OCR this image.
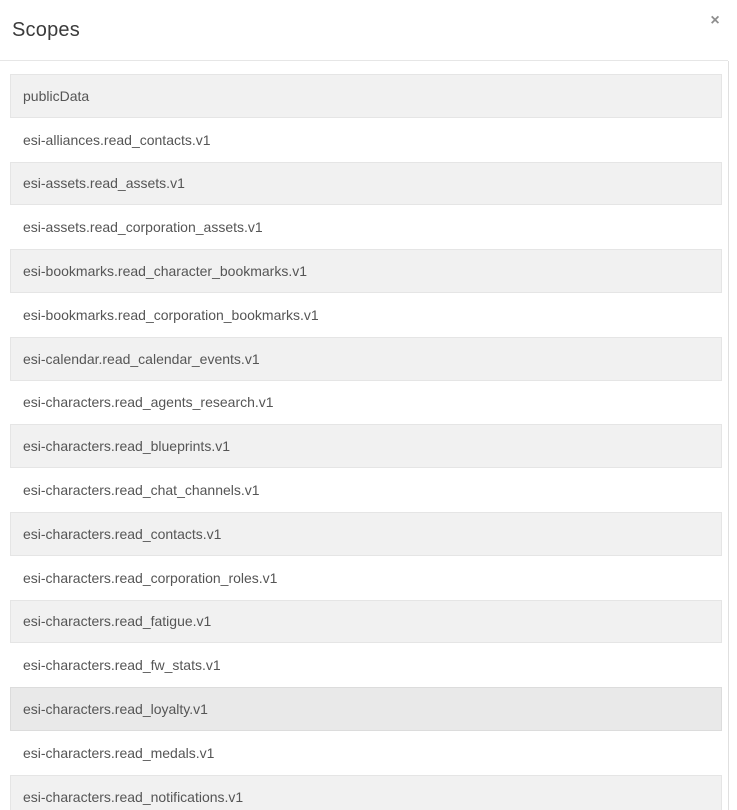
Scopes	×
publicData
esi-alliances.read_contacts.v1
esi-assets.read_assets.v1
esi-assets.read_corporation_assets.v1
esi-bookmarks.read_character_bookmarks.v1
esi-bookmarks.read_corporation_bookmarks.v1
esi-calendar.read_calendar_events.v1
esi-characters.read_agents_research.v1
esi-characters.read_blueprints.v1
esi-characters.read_chat_channels.v1
esi-characters.read_contacts.v1
esi-characters.read_corporation_roles.v1
esi-characters.read_fatigue.v1
esi-characters.read_fw_stats.v1
esi-characters.read_loyalty.v1
esi-characters.read_medals.v1
esi-characters.read_notifications.v1
